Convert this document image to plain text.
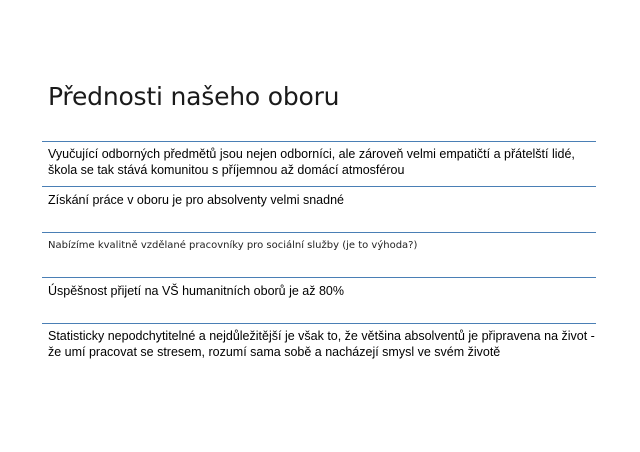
Přednosti našeho oboru
Vyučující odborných předmětů jsou nejen odborníci, ale zároveň velmi empatičtí a přátelští lidé, škola se tak stává komunitou s příjemnou až domácí atmosférou
Získání práce v oboru je pro absolventy velmi snadné
Nabízíme kvalitně vzdělané pracovníky pro sociální služby (je to výhoda?)
Úspěšnost přijetí na VŠ humanitních oborů je až 80%
Statisticky nepodchytitelné a nejdůležitější je však to, že většina absolventů je připravena na život - že umí pracovat se stresem, rozumí sama sobě a nacházejí smysl ve svém životě
